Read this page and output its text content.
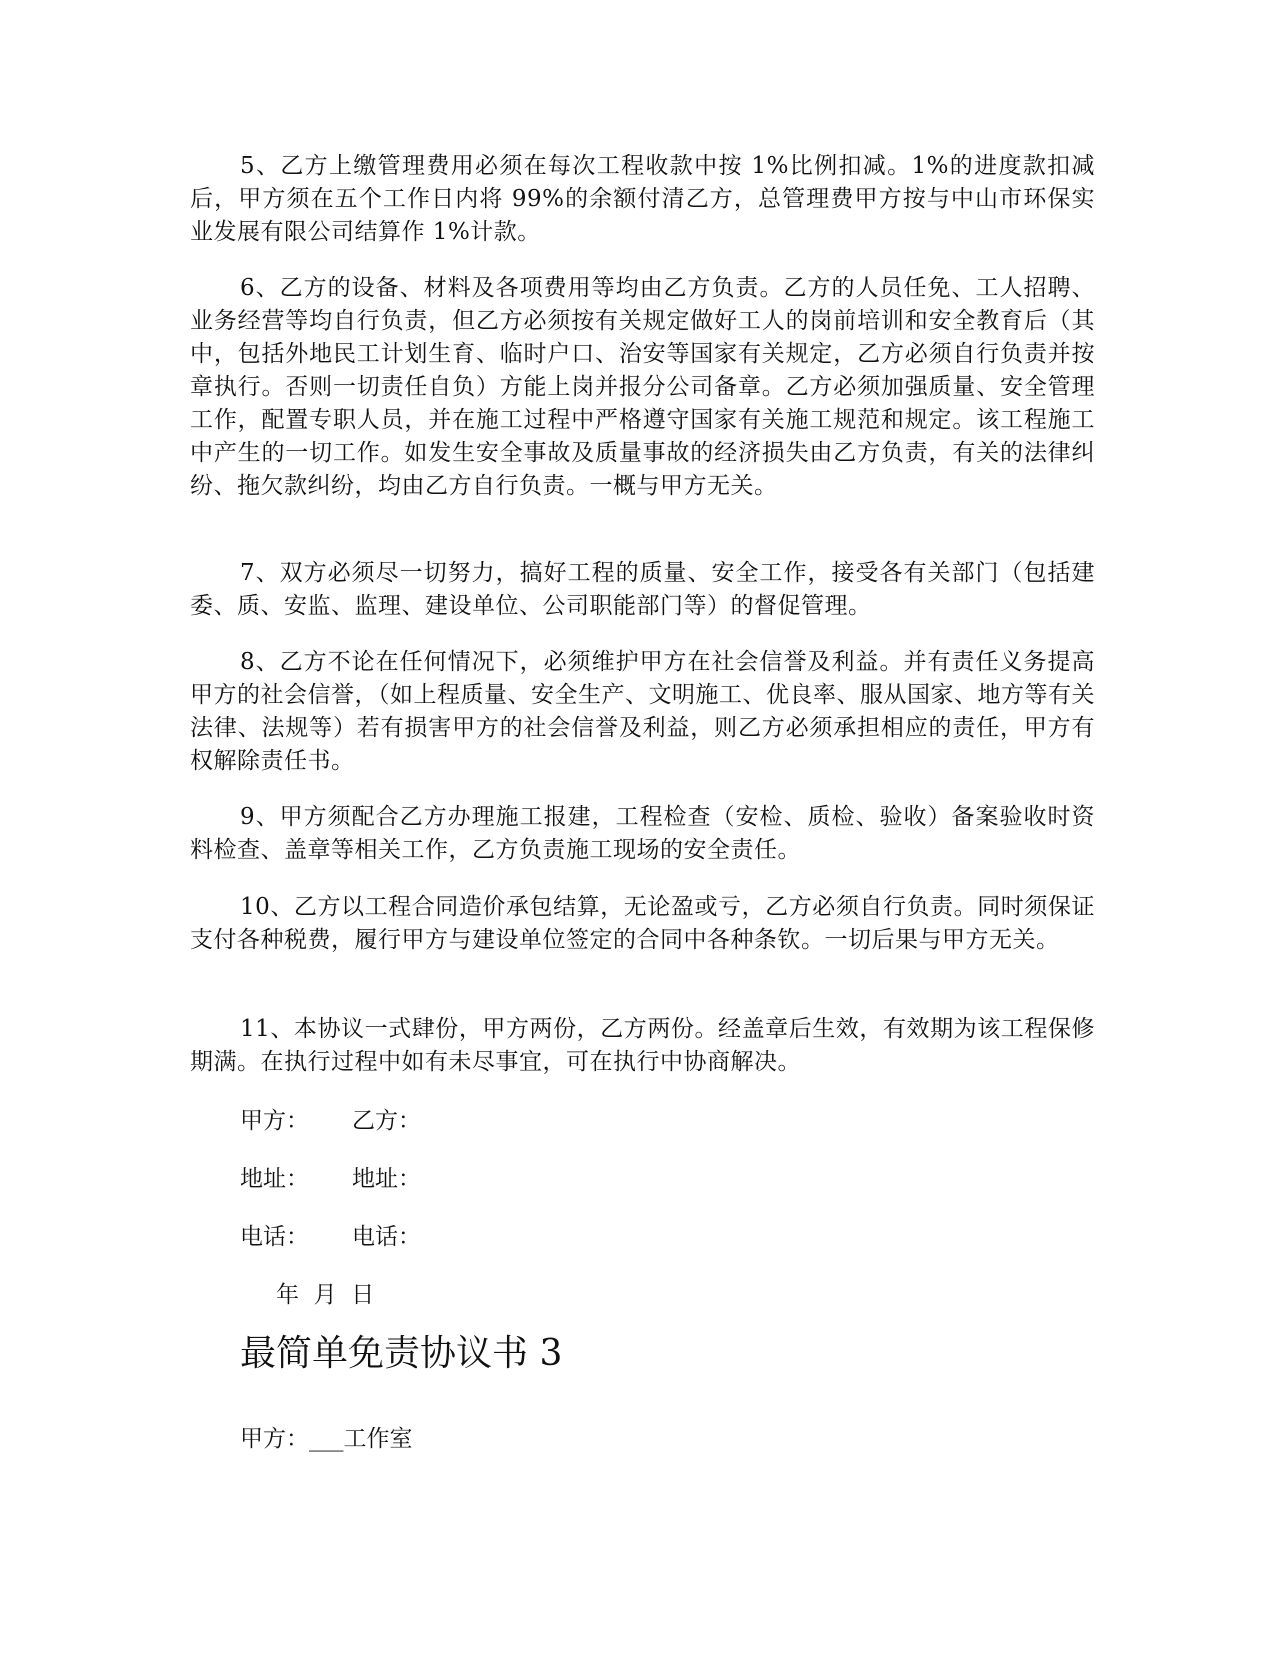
5、乙方上缴管理费用必须在每次工程收款中按 1%比例扣减。1%的进度款扣减后，甲方须在五个工作日内将 99%的余额付清乙方，总管理费甲方按与中山市环保实业发展有限公司结算作 1%计款。

6、乙方的设备、材料及各项费用等均由乙方负责。乙方的人员任免、工人招聘、业务经营等均自行负责，但乙方必须按有关规定做好工人的岗前培训和安全教育后（其中，包括外地民工计划生育、临时户口、治安等国家有关规定，乙方必须自行负责并按章执行。否则一切责任自负）方能上岗并报分公司备章。乙方必须加强质量、安全管理工作，配置专职人员，并在施工过程中严格遵守国家有关施工规范和规定。该工程施工中产生的一切工作。如发生安全事故及质量事故的经济损失由乙方负责，有关的法律纠纷、拖欠款纠纷，均由乙方自行负责。一概与甲方无关。

7、双方必须尽一切努力，搞好工程的质量、安全工作，接受各有关部门（包括建委、质、安监、监理、建设单位、公司职能部门等）的督促管理。

8、乙方不论在任何情况下，必须维护甲方在社会信誉及利益。并有责任义务提高甲方的社会信誉，（如上程质量、安全生产、文明施工、优良率、服从国家、地方等有关法律、法规等）若有损害甲方的社会信誉及利益，则乙方必须承担相应的责任，甲方有权解除责任书。

9、甲方须配合乙方办理施工报建，工程检查（安检、质检、验收）备案验收时资料检查、盖章等相关工作，乙方负责施工现场的安全责任。

10、乙方以工程合同造价承包结算，无论盈或亏，乙方必须自行负责。同时须保证支付各种税费，履行甲方与建设单位签定的合同中各种条钦。一切后果与甲方无关。

11、本协议一式肆份，甲方两份，乙方两份。经盖章后生效，有效期为该工程保修期满。在执行过程中如有未尽事宜，可在执行中协商解决。

甲方： 乙方：

地址： 地址：

电话： 电话：

年  月  日

最简单免责协议书 3

甲方：___工作室
